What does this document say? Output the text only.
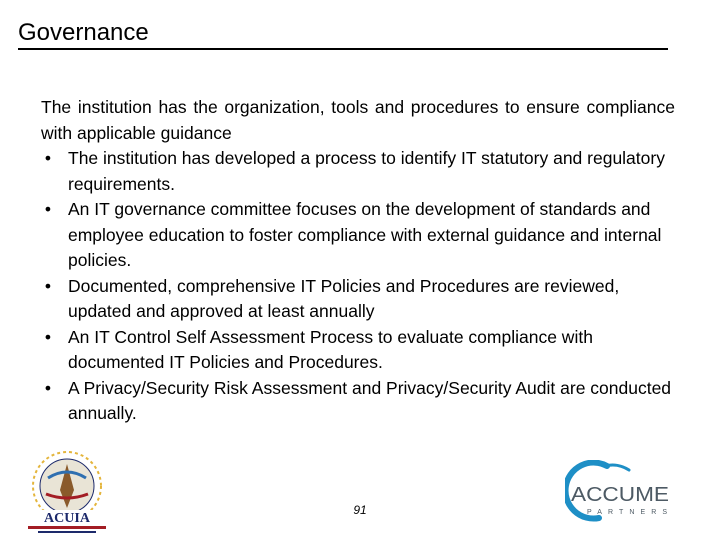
Governance

The institution has the organization, tools and procedures to ensure compliance with applicable guidance

• The institution has developed a process to identify IT statutory and regulatory requirements.
• An IT governance committee focuses on the development of standards and employee education to foster compliance with external guidance and internal policies.
• Documented, comprehensive IT Policies and Procedures are reviewed, updated and approved at least annually
• An IT Control Self Assessment Process to evaluate compliance with documented IT Policies and Procedures.
• A Privacy/Security Risk Assessment and Privacy/Security Audit are conducted annually.
ACUIA
91
ACCUME
PARTNERS
